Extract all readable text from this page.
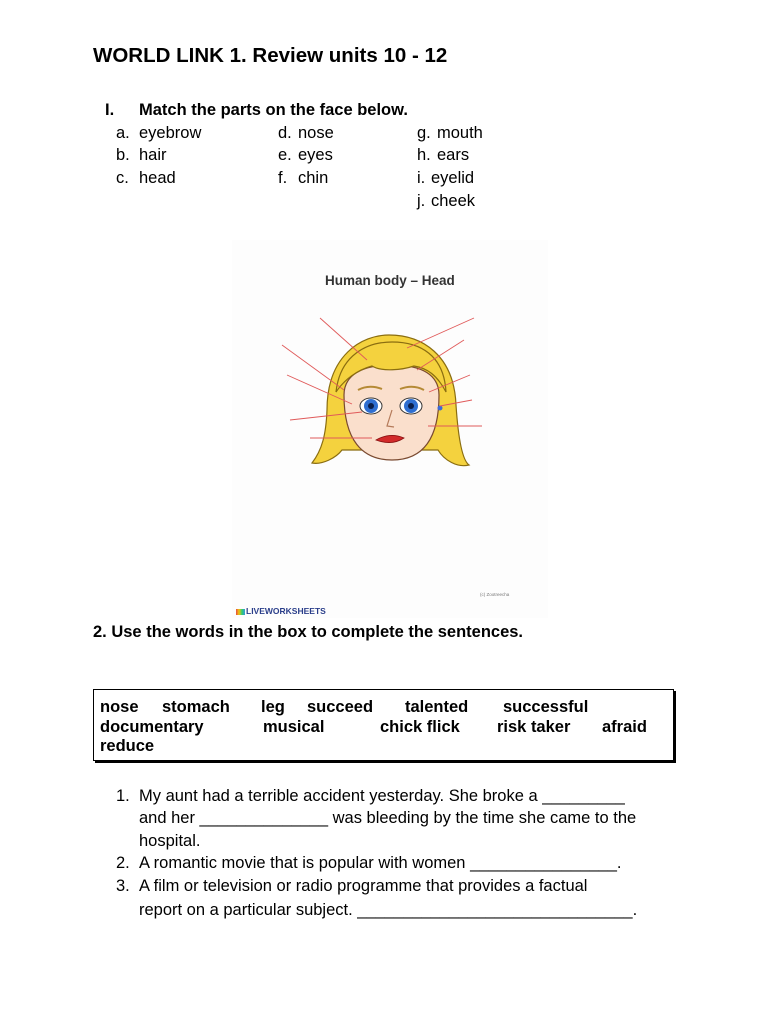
WORLD LINK 1. Review units 10 - 12
I. Match the parts on the face below.
a. eyebrow
b. hair
c. head
d. nose
e. eyes
f. chin
g. mouth
h. ears
i. eyelid
j. cheek
Human body – Head
(c) Zootreecha
LIVEWORKSHEETS
2. Use the words in the box to complete the sentences.
nose stomach leg succeed talented successful
documentary	musical	chick flick risk taker afraid
reduce
1. My aunt had a terrible accident yesterday. She broke a _________
and her ______________ was bleeding by the time she came to the
hospital.
2. A romantic movie that is popular with women ________________.
3. A film or television or radio programme that provides a factual
report on a particular subject. ______________________________.
